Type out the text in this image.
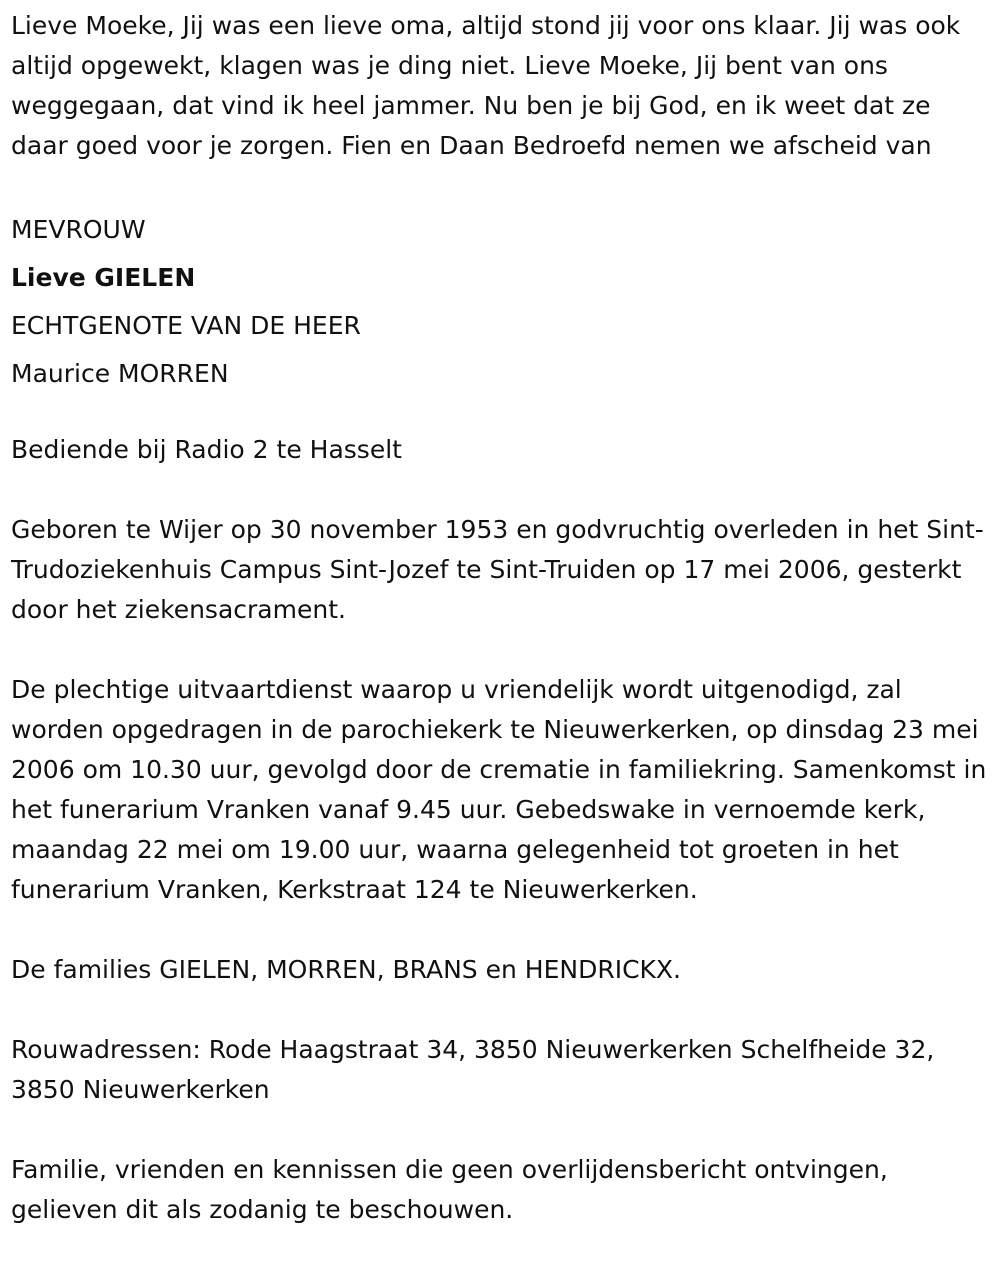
Lieve Moeke, Jij was een lieve oma, altijd stond jij voor ons klaar. Jij was ook altijd opgewekt, klagen was je ding niet. Lieve Moeke, Jij bent van ons weggegaan, dat vind ik heel jammer. Nu ben je bij God, en ik weet dat ze daar goed voor je zorgen. Fien en Daan Bedroefd nemen we afscheid van

MEVROUW

Lieve GIELEN

ECHTGENOTE VAN DE HEER

Maurice MORREN

Bediende bij Radio 2 te Hasselt

Geboren te Wijer op 30 november 1953 en godvruchtig overleden in het Sint-Trudoziekenhuis Campus Sint-Jozef te Sint-Truiden op 17 mei 2006, gesterkt door het ziekensacrament.

De plechtige uitvaartdienst waarop u vriendelijk wordt uitgenodigd, zal worden opgedragen in de parochiekerk te Nieuwerkerken, op dinsdag 23 mei 2006 om 10.30 uur, gevolgd door de crematie in familiekring. Samenkomst in het funerarium Vranken vanaf 9.45 uur. Gebedswake in vernoemde kerk, maandag 22 mei om 19.00 uur, waarna gelegenheid tot groeten in het funerarium Vranken, Kerkstraat 124 te Nieuwerkerken.

De families GIELEN, MORREN, BRANS en HENDRICKX.

Rouwadressen: Rode Haagstraat 34, 3850 Nieuwerkerken Schelfheide 32, 3850 Nieuwerkerken

Familie, vrienden en kennissen die geen overlijdensbericht ontvingen, gelieven dit als zodanig te beschouwen.
